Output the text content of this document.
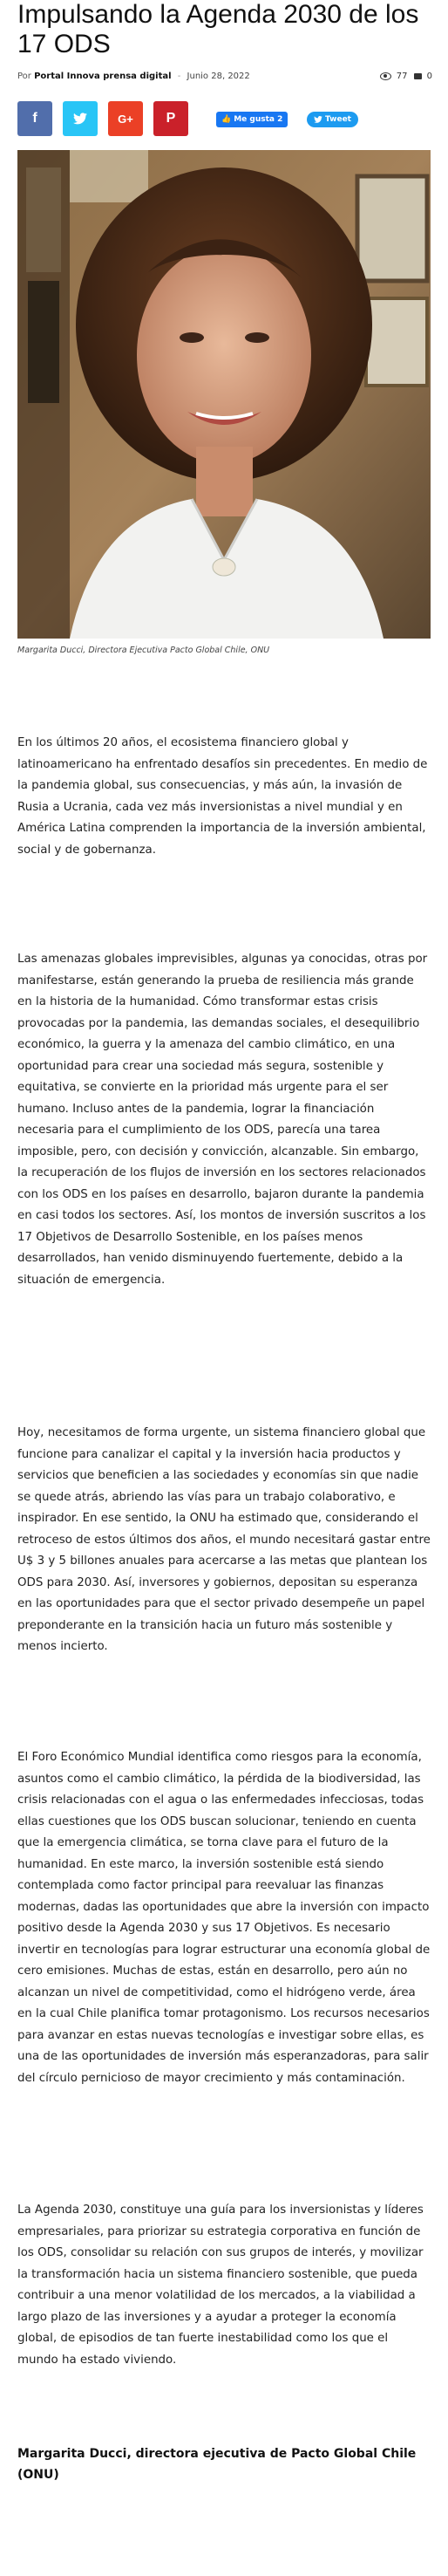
Impulsando la Agenda 2030 de los 17 ODS
Por Portal Innova prensa digital - Junio 28, 2022	77 0
f	G+ P	👍 Me gusta 2	Tweet
Margarita Ducci, Directora Ejecutiva Pacto Global Chile, ONU

En los últimos 20 años, el ecosistema financiero global y latinoamericano ha enfrentado desafíos sin precedentes. En medio de la pandemia global, sus consecuencias, y más aún, la invasión de Rusia a Ucrania, cada vez más inversionistas a nivel mundial y en América Latina comprenden la importancia de la inversión ambiental, social y de gobernanza.

Las amenazas globales imprevisibles, algunas ya conocidas, otras por manifestarse, están generando la prueba de resiliencia más grande en la historia de la humanidad. Cómo transformar estas crisis provocadas por la pandemia, las demandas sociales, el desequilibrio económico, la guerra y la amenaza del cambio climático, en una oportunidad para crear una sociedad más segura, sostenible y equitativa, se convierte en la prioridad más urgente para el ser humano. Incluso antes de la pandemia, lograr la financiación necesaria para el cumplimiento de los ODS, parecía una tarea imposible, pero, con decisión y convicción, alcanzable. Sin embargo, la recuperación de los flujos de inversión en los sectores relacionados con los ODS en los países en desarrollo, bajaron durante la pandemia en casi todos los sectores. Así, los montos de inversión suscritos a los 17 Objetivos de Desarrollo Sostenible, en los países menos desarrollados, han venido disminuyendo fuertemente, debido a la situación de emergencia.

Hoy, necesitamos de forma urgente, un sistema financiero global que funcione para canalizar el capital y la inversión hacia productos y servicios que beneficien a las sociedades y economías sin que nadie se quede atrás, abriendo las vías para un trabajo colaborativo, e inspirador. En ese sentido, la ONU ha estimado que, considerando el retroceso de estos últimos dos años, el mundo necesitará gastar entre U$ 3 y 5 billones anuales para acercarse a las metas que plantean los ODS para 2030. Así, inversores y gobiernos, depositan su esperanza en las oportunidades para que el sector privado desempeñe un papel preponderante en la transición hacia un futuro más sostenible y menos incierto.

El Foro Económico Mundial identifica como riesgos para la economía, asuntos como el cambio climático, la pérdida de la biodiversidad, las crisis relacionadas con el agua o las enfermedades infecciosas, todas ellas cuestiones que los ODS buscan solucionar, teniendo en cuenta que la emergencia climática, se torna clave para el futuro de la humanidad. En este marco, la inversión sostenible está siendo contemplada como factor principal para reevaluar las finanzas modernas, dadas las oportunidades que abre la inversión con impacto positivo desde la Agenda 2030 y sus 17 Objetivos. Es necesario invertir en tecnologías para lograr estructurar una economía global de cero emisiones. Muchas de estas, están en desarrollo, pero aún no alcanzan un nivel de competitividad, como el hidrógeno verde, área en la cual Chile planifica tomar protagonismo. Los recursos necesarios para avanzar en estas nuevas tecnologías e investigar sobre ellas, es una de las oportunidades de inversión más esperanzadoras, para salir del círculo pernicioso de mayor crecimiento y más contaminación.

La Agenda 2030, constituye una guía para los inversionistas y líderes empresariales, para priorizar su estrategia corporativa en función de los ODS, consolidar su relación con sus grupos de interés, y movilizar la transformación hacia un sistema financiero sostenible, que pueda contribuir a una menor volatilidad de los mercados, a la viabilidad a largo plazo de las inversiones y a ayudar a proteger la economía global, de episodios de tan fuerte inestabilidad como los que el mundo ha estado viviendo.

Margarita Ducci, directora ejecutiva de Pacto Global Chile (ONU)
